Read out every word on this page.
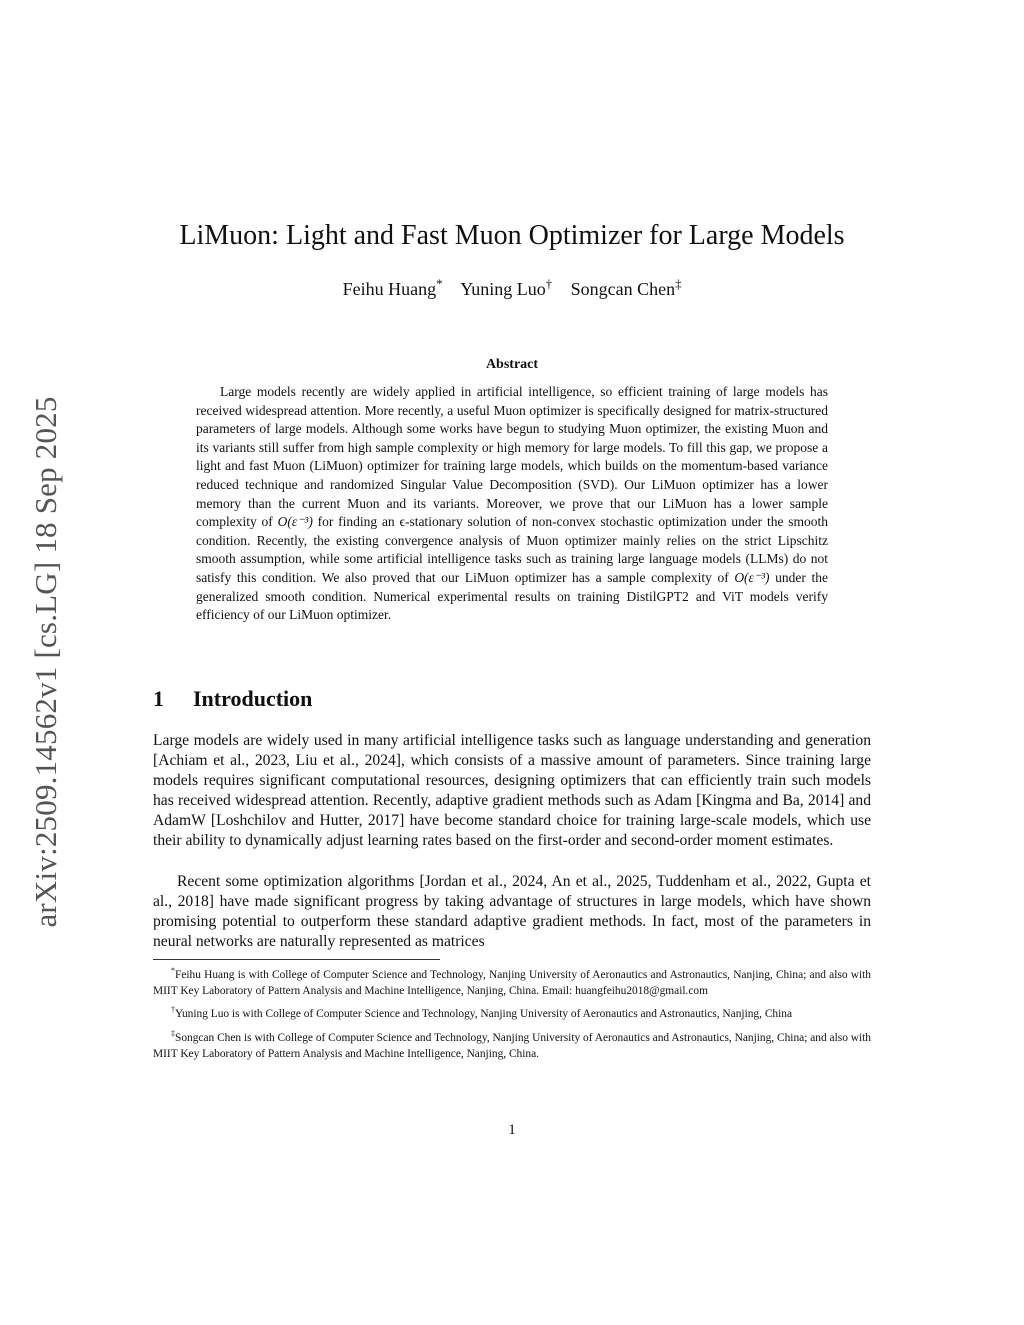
arXiv:2509.14562v1 [cs.LG] 18 Sep 2025
LiMuon: Light and Fast Muon Optimizer for Large Models
Feihu Huang* Yuning Luo† Songcan Chen‡
Abstract

Large models recently are widely applied in artificial intelligence, so efficient training of large models has received widespread attention. More recently, a useful Muon optimizer is specifically designed for matrix-structured parameters of large models. Although some works have begun to studying Muon optimizer, the existing Muon and its variants still suffer from high sample complexity or high memory for large models. To fill this gap, we propose a light and fast Muon (LiMuon) optimizer for training large models, which builds on the momentum-based variance reduced technique and randomized Singular Value Decomposition (SVD). Our LiMuon optimizer has a lower memory than the current Muon and its variants. Moreover, we prove that our LiMuon has a lower sample complexity of O(ε⁻³) for finding an ϵ-stationary solution of non-convex stochastic optimization under the smooth condition. Recently, the existing convergence analysis of Muon optimizer mainly relies on the strict Lipschitz smooth assumption, while some artificial intelligence tasks such as training large language models (LLMs) do not satisfy this condition. We also proved that our LiMuon optimizer has a sample complexity of O(ε⁻³) under the generalized smooth condition. Numerical experimental results on training DistilGPT2 and ViT models verify efficiency of our LiMuon optimizer.

1 Introduction

Large models are widely used in many artificial intelligence tasks such as language understanding and generation [Achiam et al., 2023, Liu et al., 2024], which consists of a massive amount of parameters. Since training large models requires significant computational resources, designing optimizers that can efficiently train such models has received widespread attention. Recently, adaptive gradient methods such as Adam [Kingma and Ba, 2014] and AdamW [Loshchilov and Hutter, 2017] have become standard choice for training large-scale models, which use their ability to dynamically adjust learning rates based on the first-order and second-order moment estimates.

Recent some optimization algorithms [Jordan et al., 2024, An et al., 2025, Tuddenham et al., 2022, Gupta et al., 2018] have made significant progress by taking advantage of structures in large models, which have shown promising potential to outperform these standard adaptive gradient methods. In fact, most of the parameters in neural networks are naturally represented as matrices

*Feihu Huang is with College of Computer Science and Technology, Nanjing University of Aeronautics and Astronautics, Nanjing, China; and also with MIIT Key Laboratory of Pattern Analysis and Machine Intelligence, Nanjing, China. Email: huangfeihu2018@gmail.com

†Yuning Luo is with College of Computer Science and Technology, Nanjing University of Aeronautics and Astronautics, Nanjing, China

‡Songcan Chen is with College of Computer Science and Technology, Nanjing University of Aeronautics and Astronautics, Nanjing, China; and also with MIIT Key Laboratory of Pattern Analysis and Machine Intelligence, Nanjing, China.

1
